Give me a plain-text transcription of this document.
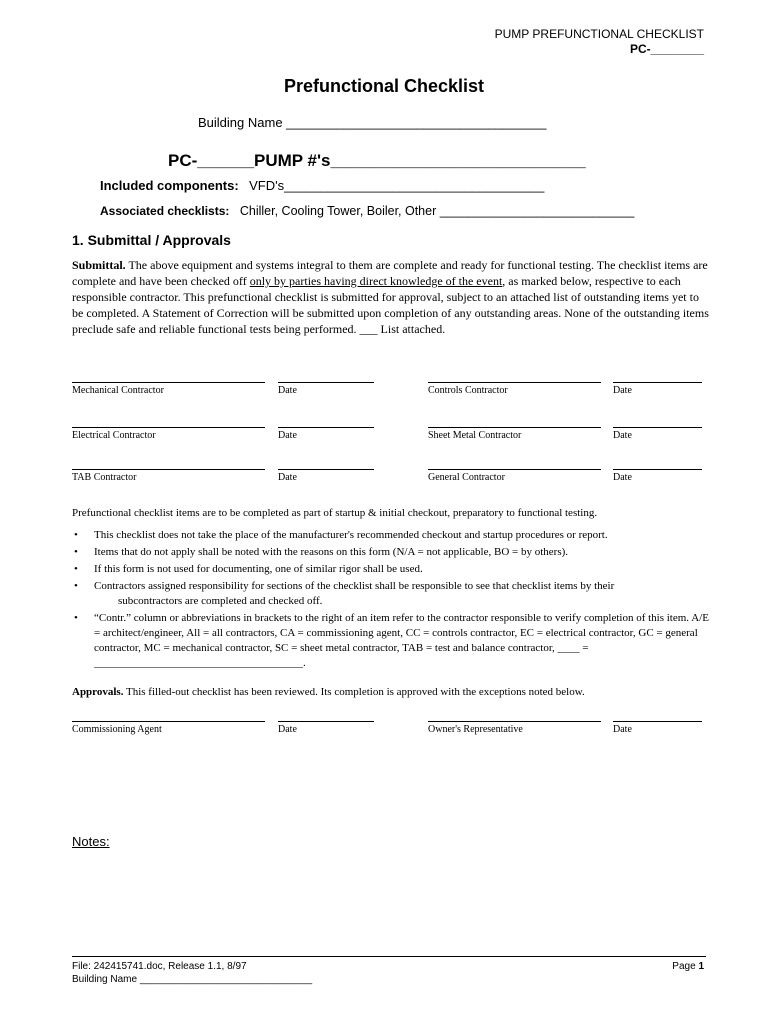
PUMP PREFUNCTIONAL CHECKLIST
PC-________
Prefunctional Checklist
Building Name ____________________________________
PC-______PUMP #'s___________________________
Included components: VFD's____________________________________
Associated checklists: Chiller, Cooling Tower, Boiler, Other ____________________________
1. Submittal / Approvals
Submittal. The above equipment and systems integral to them are complete and ready for functional testing. The checklist items are complete and have been checked off only by parties having direct knowledge of the event, as marked below, respective to each responsible contractor. This prefunctional checklist is submitted for approval, subject to an attached list of outstanding items yet to be completed. A Statement of Correction will be submitted upon completion of any outstanding areas. None of the outstanding items preclude safe and reliable functional tests being performed. ___ List attached.
Mechanical Contractor	Date	Controls Contractor	Date
Electrical Contractor	Date	Sheet Metal Contractor	Date
TAB Contractor	Date	General Contractor	Date
Prefunctional checklist items are to be completed as part of startup & initial checkout, preparatory to functional testing.
• This checklist does not take the place of the manufacturer's recommended checkout and startup procedures or report.
• Items that do not apply shall be noted with the reasons on this form (N/A = not applicable, BO = by others).
• If this form is not used for documenting, one of similar rigor shall be used.
• Contractors assigned responsibility for sections of the checklist shall be responsible to see that checklist items by their
subcontractors are completed and checked off.
• “Contr.” column or abbreviations in brackets to the right of an item refer to the contractor responsible to verify completion of this item. A/E = architect/engineer, All = all contractors, CA = commissioning agent, CC = controls contractor, EC = electrical contractor, GC = general contractor, MC = mechanical contractor, SC = sheet metal contractor, TAB = test and balance contractor, ____ = ______________________________________.
Approvals. This filled-out checklist has been reviewed. Its completion is approved with the exceptions noted below.
Commissioning Agent	Date	Owner's Representative	Date
Notes:
File: 242415741.doc, Release 1.1, 8/97	Page 1
Building Name _______________________________
